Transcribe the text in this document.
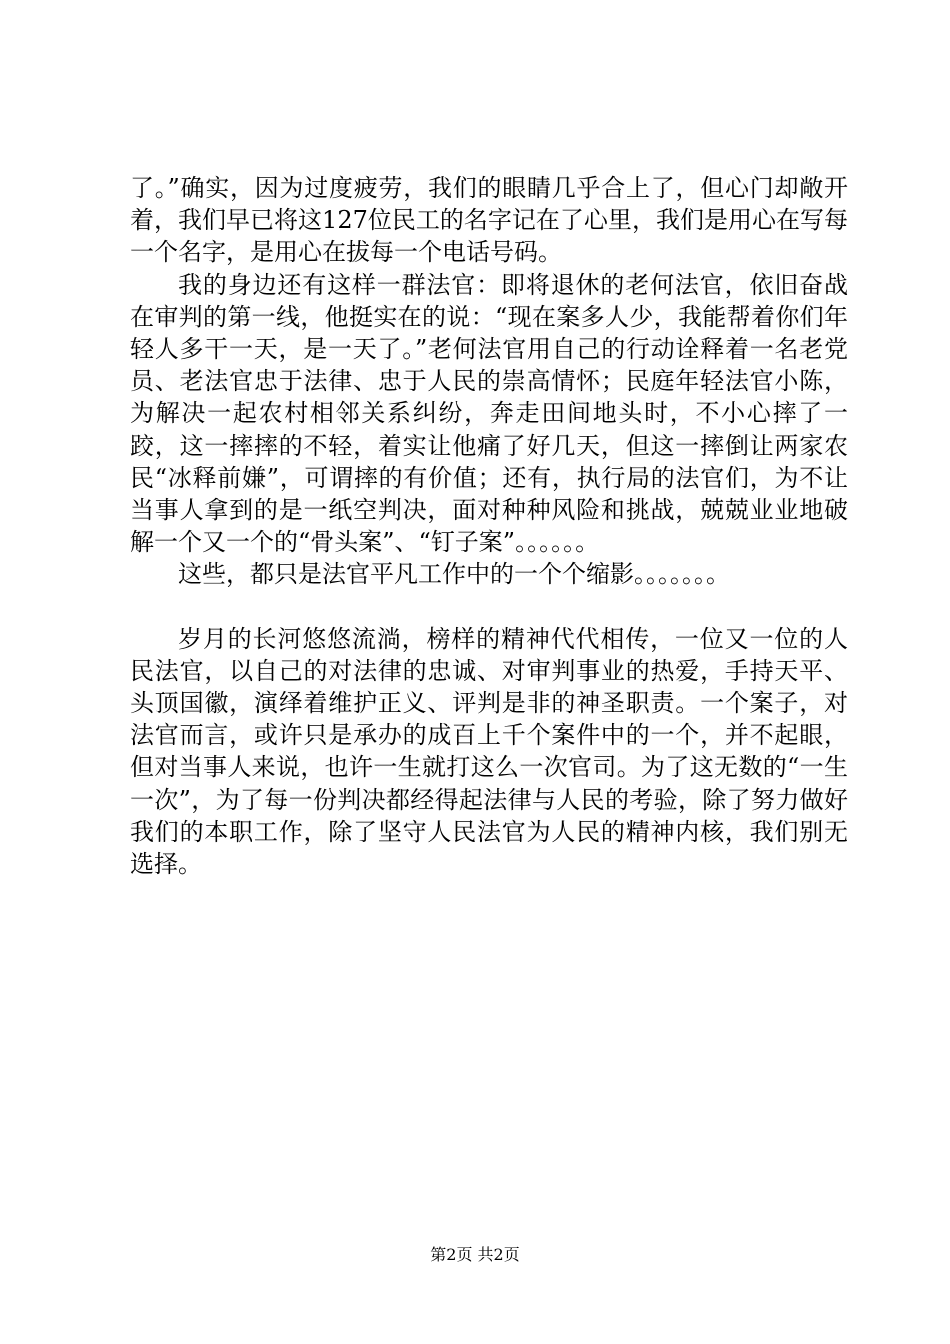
了。”确实，因为过度疲劳，我们的眼睛几乎合上了，但心门却敞开着，我们早已将这127位民工的名字记在了心里，我们是用心在写每一个名字，是用心在拔每一个电话号码。

我的身边还有这样一群法官：即将退休的老何法官，依旧奋战在审判的第一线，他挺实在的说：“现在案多人少，我能帮着你们年轻人多干一天，是一天了。”老何法官用自己的行动诠释着一名老党员、老法官忠于法律、忠于人民的崇高情怀；民庭年轻法官小陈，为解决一起农村相邻关系纠纷，奔走田间地头时，不小心摔了一跤，这一摔摔的不轻，着实让他痛了好几天，但这一摔倒让两家农民“冰释前嫌”，可谓摔的有价值；还有，执行局的法官们，为不让当事人拿到的是一纸空判决，面对种种风险和挑战，兢兢业业地破解一个又一个的“骨头案”、“钉子案”。。。。。。

这些，都只是法官平凡工作中的一个个缩影。。。。。。。

岁月的长河悠悠流淌，榜样的精神代代相传，一位又一位的人民法官，以自己的对法律的忠诚、对审判事业的热爱，手持天平、头顶国徽，演绎着维护正义、评判是非的神圣职责。一个案子，对法官而言，或许只是承办的成百上千个案件中的一个，并不起眼，但对当事人来说，也许一生就打这么一次官司。为了这无数的“一生一次”，为了每一份判决都经得起法律与人民的考验，除了努力做好我们的本职工作，除了坚守人民法官为人民的精神内核，我们别无选择。

第2页 共2页
